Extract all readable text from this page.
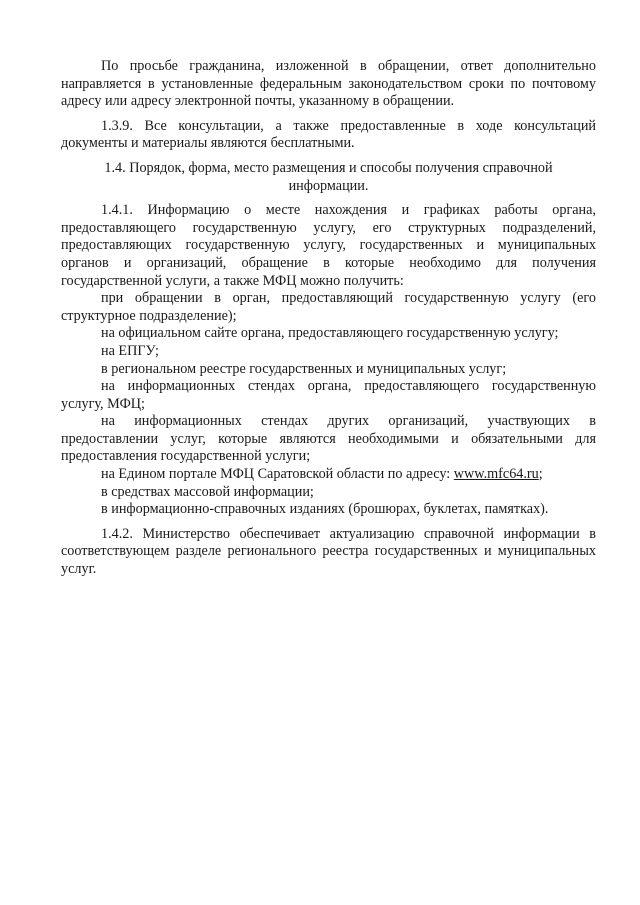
По просьбе гражданина, изложенной в обращении, ответ дополнительно направляется в установленные федеральным законодательством сроки по почтовому адресу или адресу электронной почты, указанному в обращении.

1.3.9. Все консультации, а также предоставленные в ходе консультаций документы и материалы являются бесплатными.

1.4. Порядок, форма, место размещения и способы получения справочной информации.

1.4.1. Информацию о месте нахождения и графиках работы органа, предоставляющего государственную услугу, его структурных подразделений, предоставляющих государственную услугу, государственных и муниципальных органов и организаций, обращение в которые необходимо для получения государственной услуги, а также МФЦ можно получить:

при обращении в орган, предоставляющий государственную услугу (его структурное подразделение);

на официальном сайте органа, предоставляющего государственную услугу;

на ЕПГУ;

в региональном реестре государственных и муниципальных услуг;

на информационных стендах органа, предоставляющего государственную услугу, МФЦ;

на информационных стендах других организаций, участвующих в предоставлении услуг, которые являются необходимыми и обязательными для предоставления государственной услуги;

на Едином портале МФЦ Саратовской области по адресу: www.mfc64.ru;

в средствах массовой информации;

в информационно-справочных изданиях (брошюрах, буклетах, памятках).

1.4.2. Министерство обеспечивает актуализацию справочной информации в соответствующем разделе регионального реестра государственных и муниципальных услуг.
